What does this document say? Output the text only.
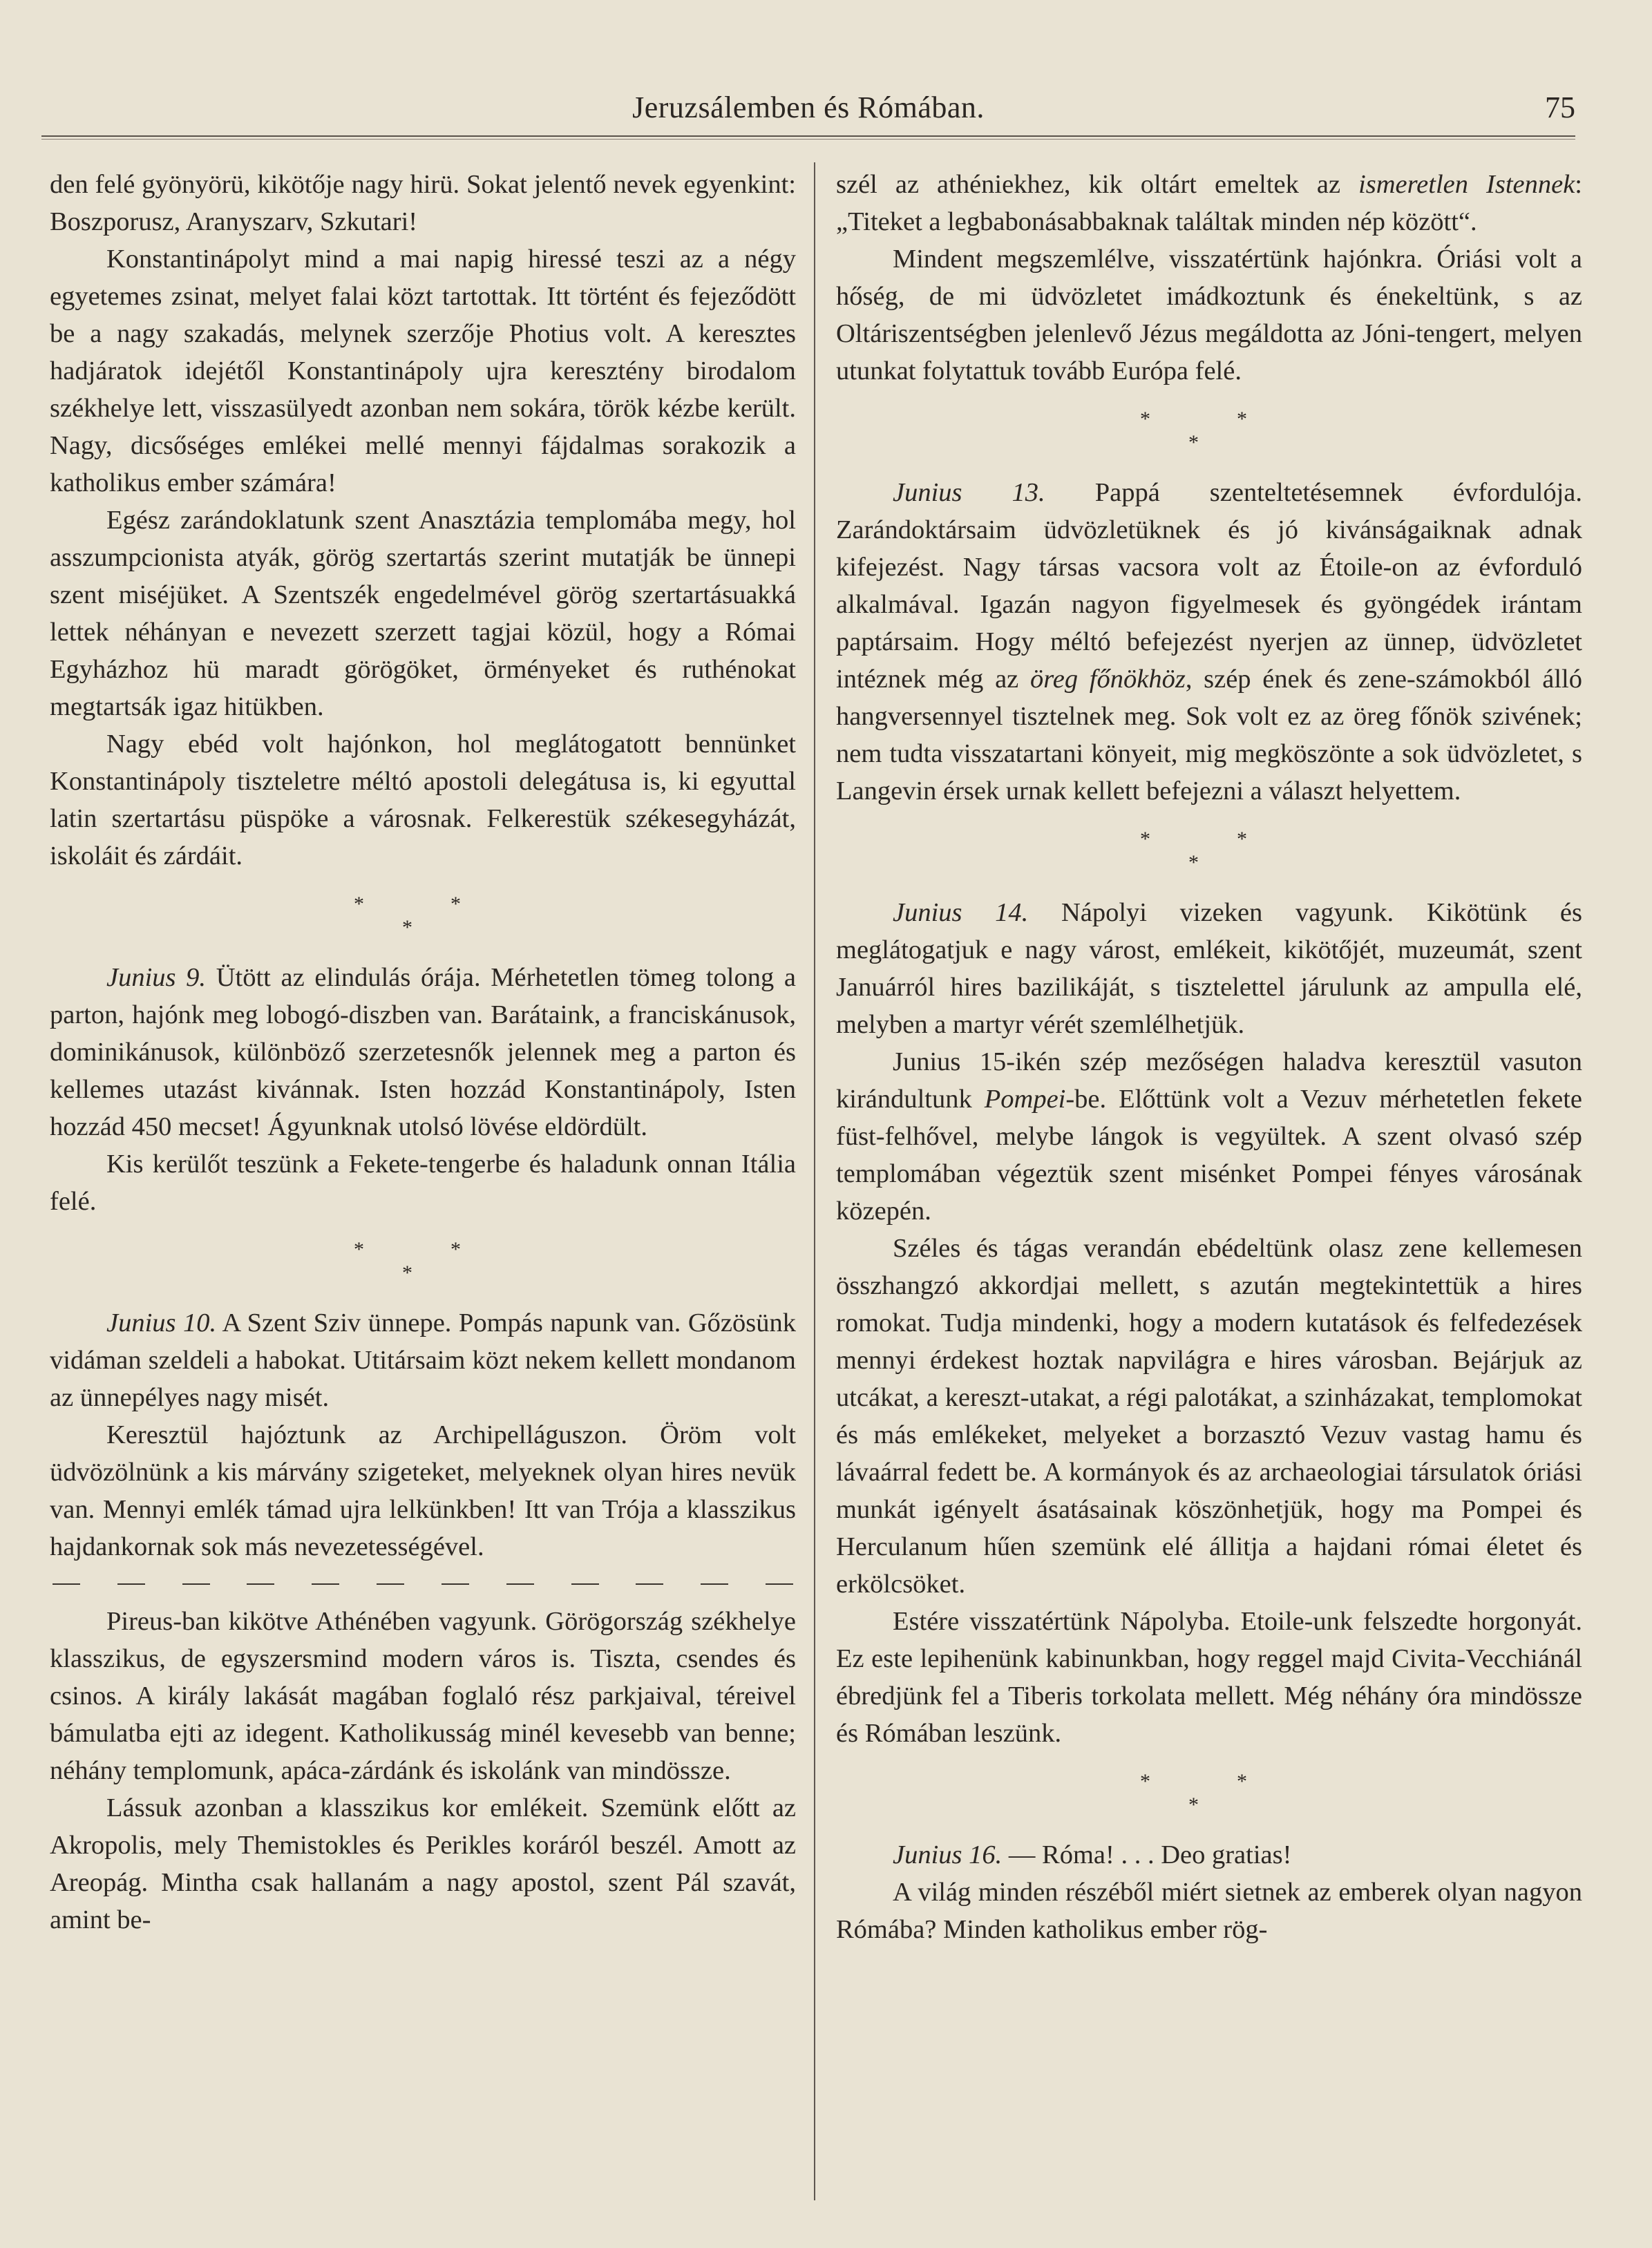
Jeruzsálemben és Rómában.	75

den felé gyönyörü, kikötője nagy hirü. Sokat jelentő nevek egyenkint: Boszporusz, Aranyszarv, Szkutari!

Konstantinápolyt mind a mai napig hiressé teszi az a négy egyetemes zsinat, melyet falai közt tartottak. Itt történt és fejeződött be a nagy szakadás, melynek szerzője Photius volt. A keresztes hadjáratok idejétől Konstantinápoly ujra keresztény birodalom székhelye lett, visszasülyedt azonban nem sokára, török kézbe került. Nagy, dicsőséges emlékei mellé mennyi fájdalmas sorakozik a katholikus ember számára!

Egész zarándoklatunk szent Anasztázia templomába megy, hol asszumpcionista atyák, görög szertartás szerint mutatják be ünnepi szent miséjüket. A Szentszék engedelmével görög szertartásuakká lettek néhányan e nevezett szerzett tagjai közül, hogy a Római Egyházhoz hü maradt görögöket, örményeket és ruthénokat megtartsák igaz hitükben.

Nagy ebéd volt hajónkon, hol meglátogatott bennünket Konstantinápoly tiszteletre méltó apostoli delegátusa is, ki egyuttal latin szertartásu püspöke a városnak. Felkerestük székesegyházát, iskoláit és zárdáit.

*	*
*

Junius 9. Ütött az elindulás órája. Mérhetetlen tömeg tolong a parton, hajónk meg lobogó-diszben van. Barátaink, a franciskánusok, dominikánusok, különböző szerzetesnők jelennek meg a parton és kellemes utazást kivánnak. Isten hozzád Konstantinápoly, Isten hozzád 450 mecset! Ágyunknak utolsó lövése eldördült.

Kis kerülőt teszünk a Fekete-tengerbe és haladunk onnan Itália felé.

*	*
*

Junius 10. A Szent Sziv ünnepe. Pompás napunk van. Gőzösünk vidáman szeldeli a habokat. Utitársaim közt nekem kellett mondanom az ünnepélyes nagy misét.

Keresztül hajóztunk az Archipelláguszon. Öröm volt üdvözölnünk a kis márvány szigeteket, melyeknek olyan hires nevük van. Mennyi emlék támad ujra lelkünkben! Itt van Trója a klasszikus hajdankornak sok más nevezetességével.

Pireus-ban kikötve Athénében vagyunk. Görögország székhelye klasszikus, de egyszersmind modern város is. Tiszta, csendes és csinos. A király lakását magában foglaló rész parkjaival, téreivel bámulatba ejti az idegent. Katholikusság minél kevesebb van benne; néhány templomunk, apáca-zárdánk és iskolánk van mindössze.

Lássuk azonban a klasszikus kor emlékeit. Szemünk előtt az Akropolis, mely Themistokles és Perikles koráról beszél. Amott az Areopág. Mintha csak hallanám a nagy apostol, szent Pál szavát, amint be-

szél az athéniekhez, kik oltárt emeltek az ismeretlen Istennek: „Titeket a legbabonásabbaknak találtak minden nép között“.

Mindent megszemlélve, visszatértünk hajónkra. Óriási volt a hőség, de mi üdvözletet imádkoztunk és énekeltünk, s az Oltáriszentségben jelenlevő Jézus megáldotta az Jóni-tengert, melyen utunkat folytattuk tovább Európa felé.

*	*
*

Junius 13. Pappá szenteltetésemnek évfordulója. Zarándoktársaim üdvözletüknek és jó kivánságaiknak adnak kifejezést. Nagy társas vacsora volt az Étoile-on az évforduló alkalmával. Igazán nagyon figyelmesek és gyöngédek irántam paptársaim. Hogy méltó befejezést nyerjen az ünnep, üdvözletet intéznek még az öreg főnökhöz, szép ének és zene-számokból álló hangversennyel tisztelnek meg. Sok volt ez az öreg főnök szivének; nem tudta visszatartani könyeit, mig megköszönte a sok üdvözletet, s Langevin érsek urnak kellett befejezni a választ helyettem.

*	*
*

Junius 14. Nápolyi vizeken vagyunk. Kikötünk és meglátogatjuk e nagy várost, emlékeit, kikötőjét, muzeumát, szent Januárról hires bazilikáját, s tisztelettel járulunk az ampulla elé, melyben a martyr vérét szemlélhetjük.

Junius 15-ikén szép mezőségen haladva keresztül vasuton kirándultunk Pompei-be. Előttünk volt a Vezuv mérhetetlen fekete füst-felhővel, melybe lángok is vegyültek. A szent olvasó szép templomában végeztük szent misénket Pompei fényes városának közepén.

Széles és tágas verandán ebédeltünk olasz zene kellemesen összhangzó akkordjai mellett, s azután megtekintettük a hires romokat. Tudja mindenki, hogy a modern kutatások és felfedezések mennyi érdekest hoztak napvilágra e hires városban. Bejárjuk az utcákat, a kereszt-utakat, a régi palotákat, a szinházakat, templomokat és más emlékeket, melyeket a borzasztó Vezuv vastag hamu és lávaárral fedett be. A kormányok és az archaeologiai társulatok óriási munkát igényelt ásatásainak köszönhetjük, hogy ma Pompei és Herculanum hűen szemünk elé állitja a hajdani római életet és erkölcsöket.

Estére visszatértünk Nápolyba. Etoile-unk felszedte horgonyát. Ez este lepihenünk kabinunkban, hogy reggel majd Civita-Vecchiánál ébredjünk fel a Tiberis torkolata mellett. Még néhány óra mindössze és Rómában leszünk.

*	*
*

Junius 16. — Róma! . . . Deo gratias!

A világ minden részéből miért sietnek az emberek olyan nagyon Rómába? Minden katholikus ember rög-
